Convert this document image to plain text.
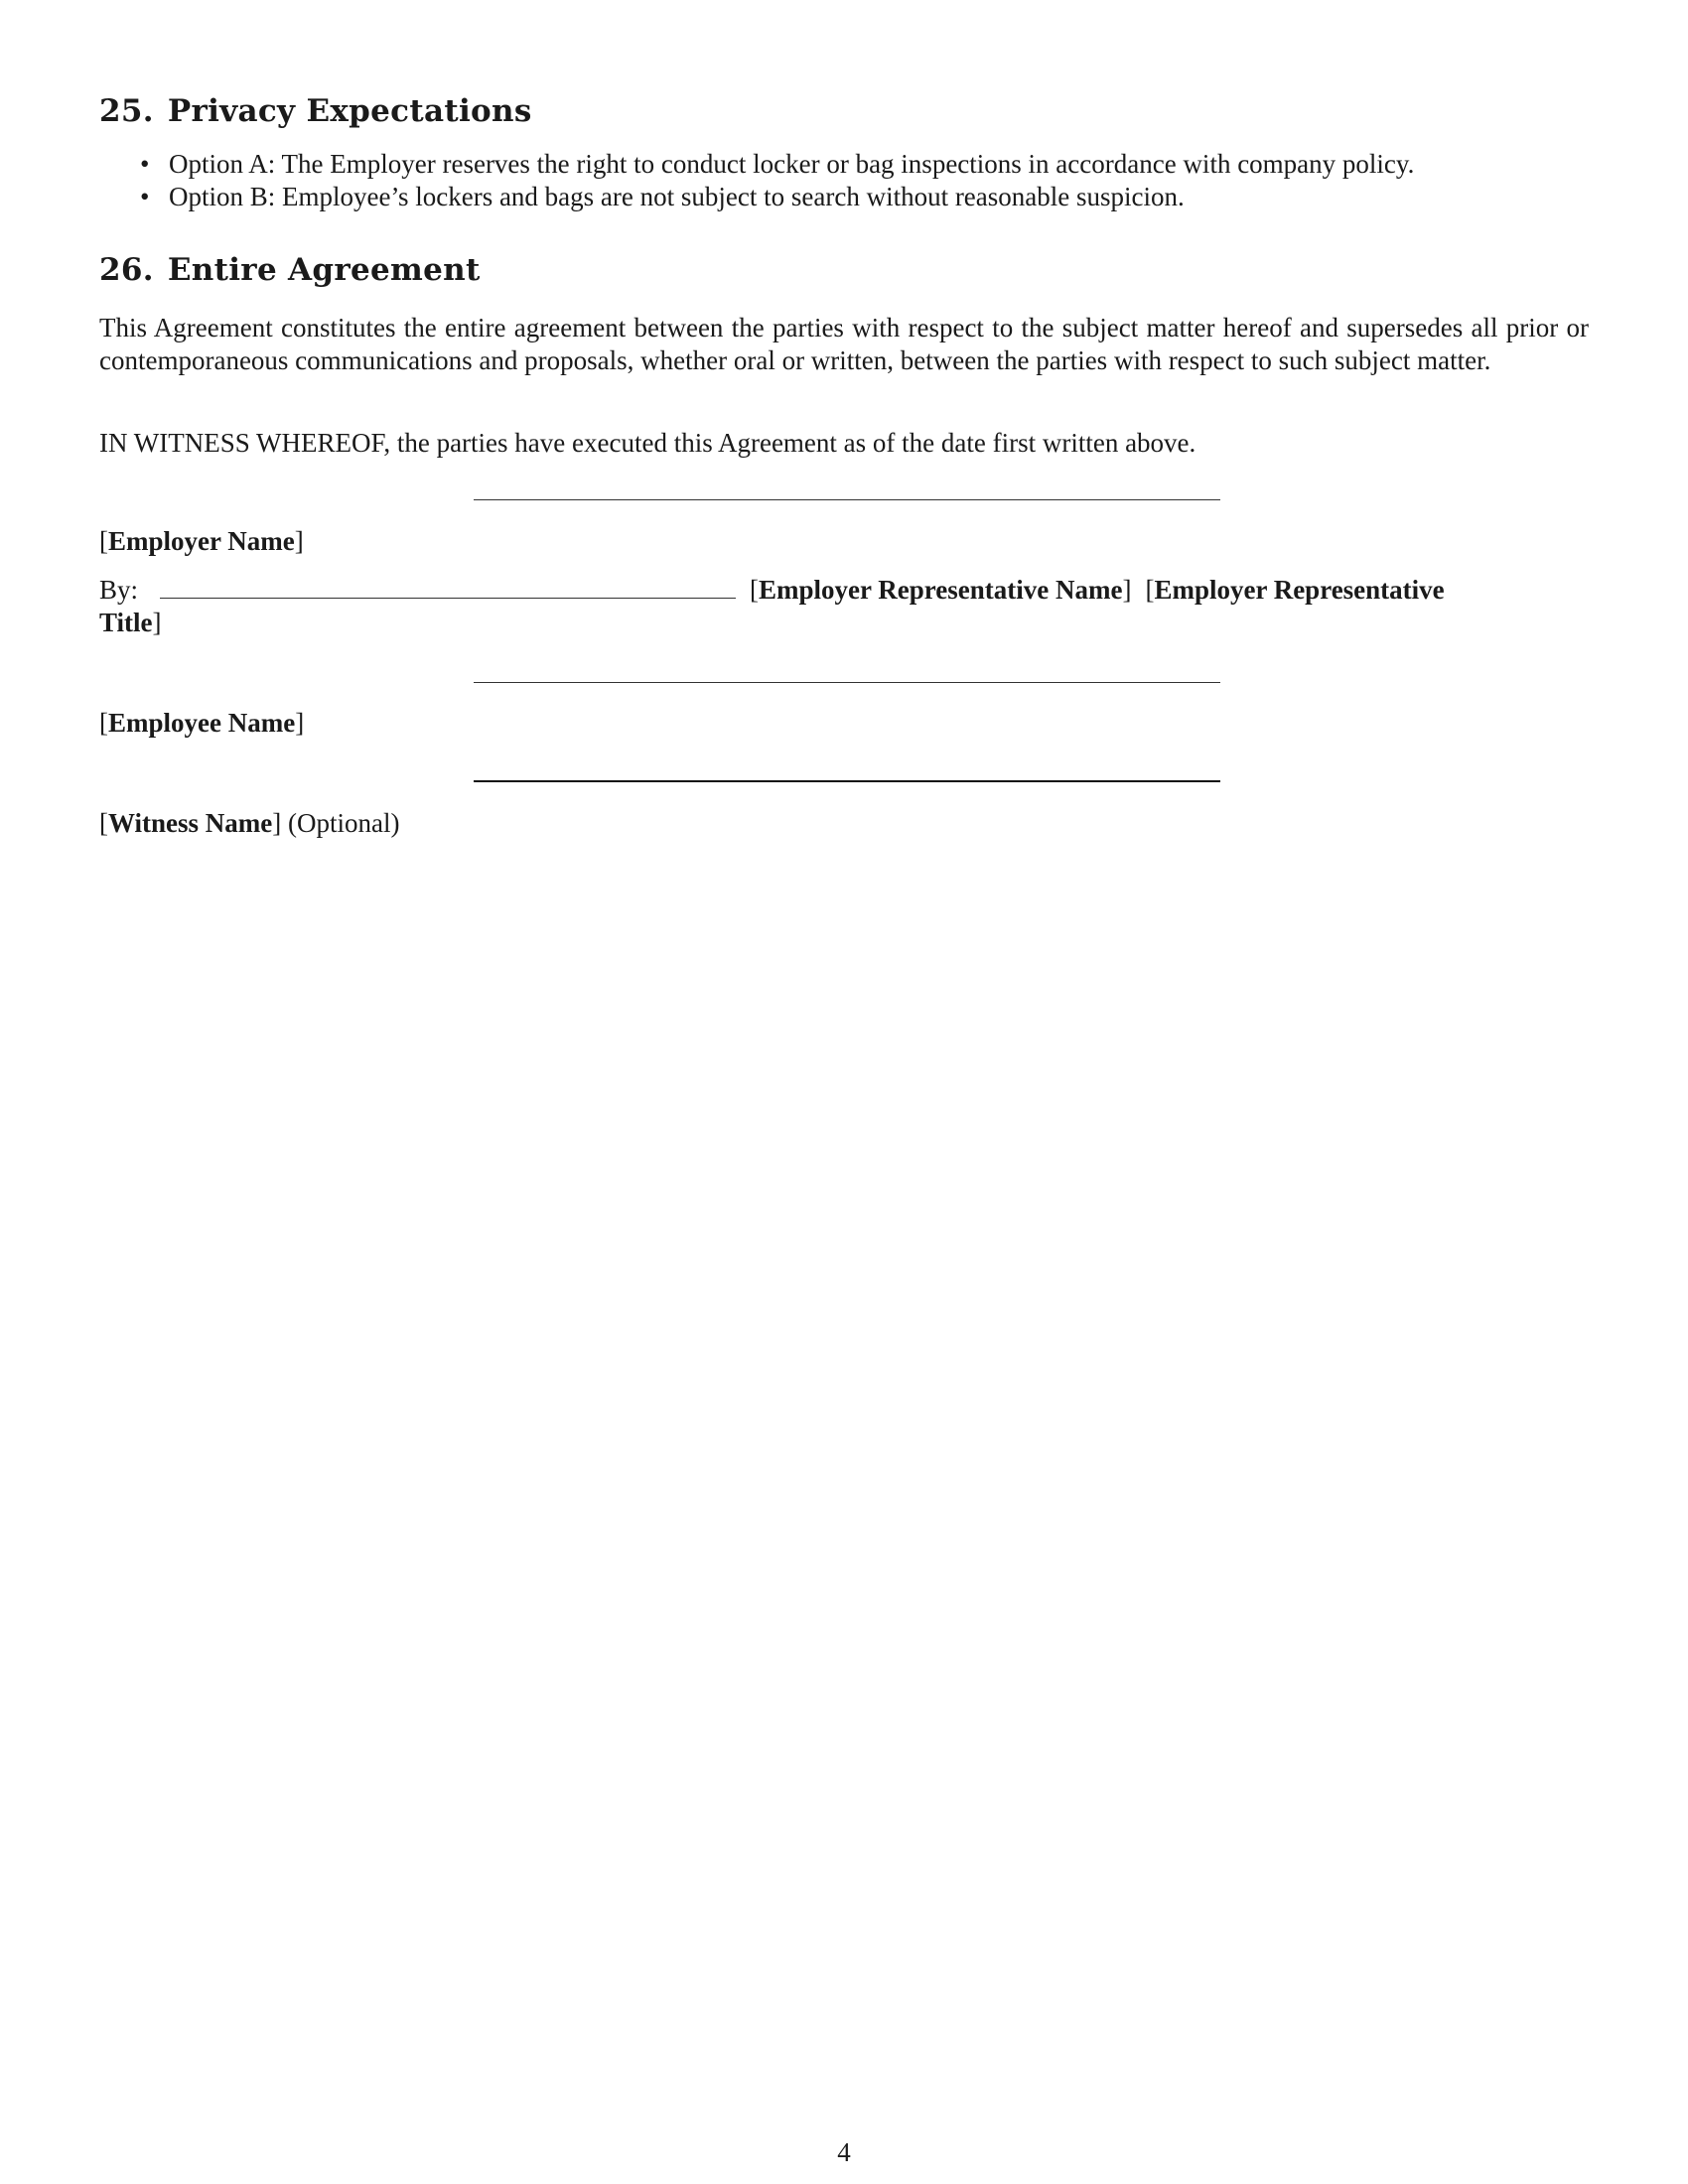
25. Privacy Expectations
• Option A: The Employer reserves the right to conduct locker or bag inspections in accordance with company policy.
• Option B: Employee’s lockers and bags are not subject to search without reasonable suspicion.
26. Entire Agreement

This Agreement constitutes the entire agreement between the parties with respect to the subject matter hereof and supersedes all prior or contemporaneous communications and proposals, whether oral or written, between the parties with respect to such subject matter.

IN WITNESS WHEREOF, the parties have executed this Agreement as of the date first written above.

[Employer Name]
By:	[Employer Representative Name] [Employer Representative
Title]
[Employee Name]
[Witness Name] (Optional)
4
